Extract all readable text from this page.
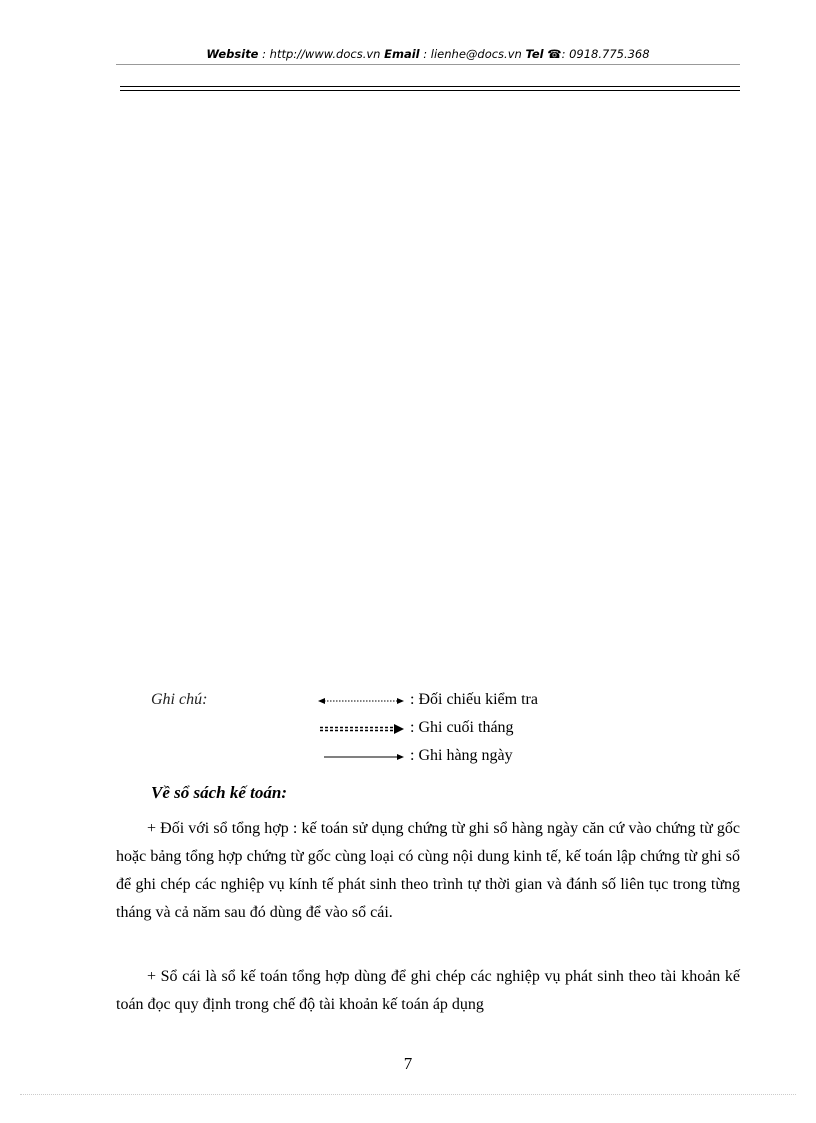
Website : http://www.docs.vn Email : lienhe@docs.vn Tel ☎: 0918.775.368
Ghi chú:	: Đối chiếu kiểm tra
: Ghi cuối tháng
: Ghi hàng ngày
Về sổ sách kế toán:

+ Đối với sổ tổng hợp : kế toán sử dụng chứng từ ghi sổ hàng ngày căn cứ vào chứng từ gốc hoặc bảng tổng hợp chứng từ gốc cùng loại có cùng nội dung kinh tế, kế toán lập chứng từ ghi sổ để ghi chép các nghiệp vụ kính tế phát sinh theo trình tự thời gian và đánh số liên tục trong từng tháng và cả năm sau đó dùng để vào sổ cái.

+ Sổ cái là sổ kế toán tổng hợp dùng để ghi chép các nghiệp vụ phát sinh theo tài khoản kế toán đọc quy định trong chế độ tài khoản kế toán áp dụng

7
